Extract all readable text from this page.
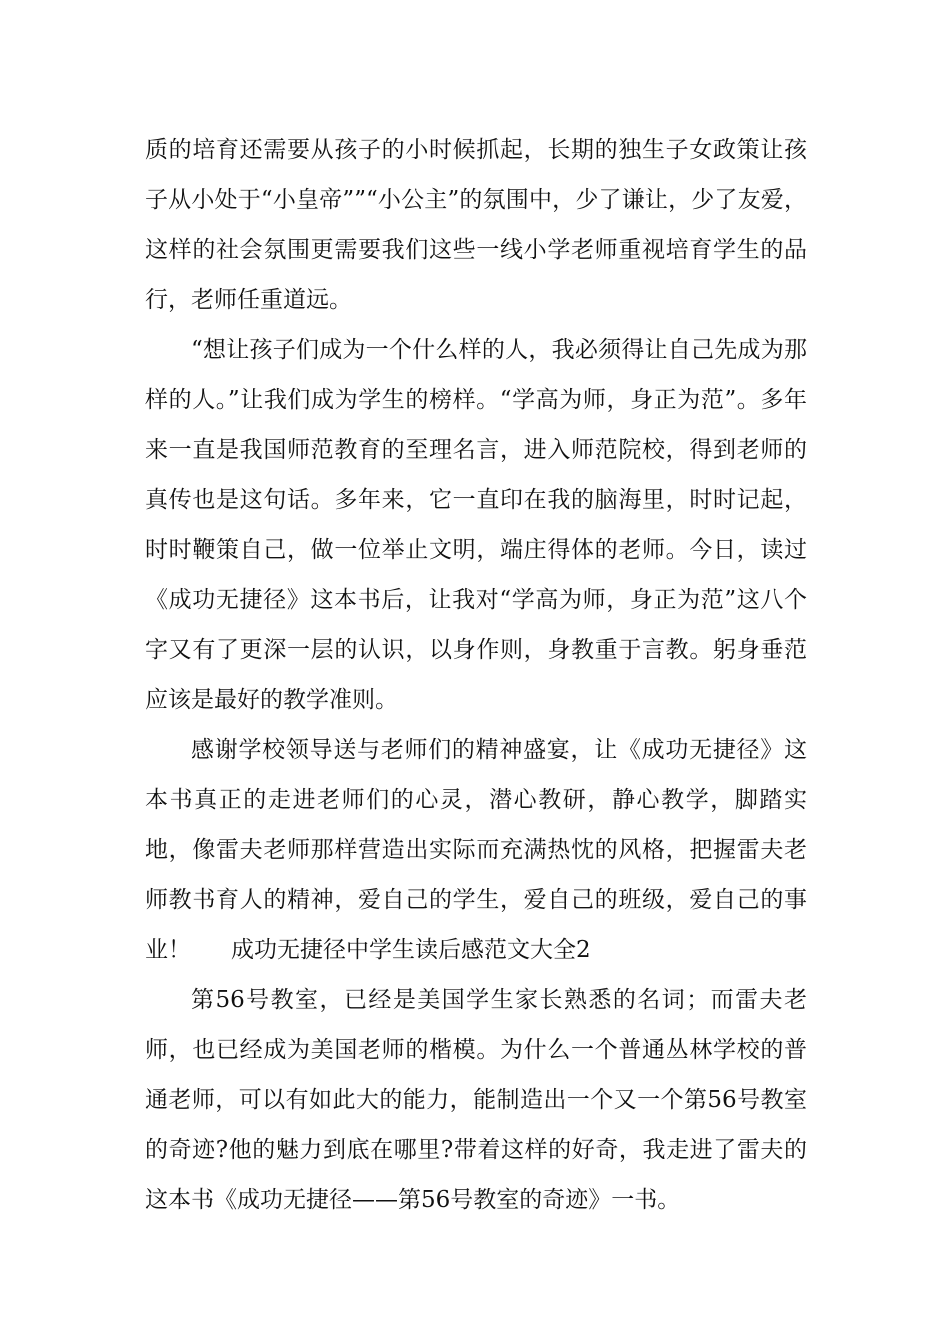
质的培育还需要从孩子的小时候抓起，长期的独生子女政策让孩子从小处于“小皇帝””“小公主”的氛围中，少了谦让，少了友爱，这样的社会氛围更需要我们这些一线小学老师重视培育学生的品行，老师任重道远。

“想让孩子们成为一个什么样的人，我必须得让自己先成为那样的人。”让我们成为学生的榜样。“学高为师，身正为范”。多年来一直是我国师范教育的至理名言，进入师范院校，得到老师的真传也是这句话。多年来，它一直印在我的脑海里，时时记起，时时鞭策自己，做一位举止文明，端庄得体的老师。今日，读过《成功无捷径》这本书后，让我对“学高为师，身正为范”这八个字又有了更深一层的认识，以身作则，身教重于言教。躬身垂范应该是最好的教学准则。

感谢学校领导送与老师们的精神盛宴，让《成功无捷径》这本书真正的走进老师们的心灵，潜心教研，静心教学，脚踏实地，像雷夫老师那样营造出实际而充满热忱的风格，把握雷夫老师教书育人的精神，爱自己的学生，爱自己的班级，爱自己的事业！ 成功无捷径中学生读后感范文大全2

第56号教室，已经是美国学生家长熟悉的名词；而雷夫老师，也已经成为美国老师的楷模。为什么一个普通丛林学校的普通老师，可以有如此大的能力，能制造出一个又一个第56号教室的奇迹?他的魅力到底在哪里?带着这样的好奇，我走进了雷夫的这本书《成功无捷径——第56号教室的奇迹》一书。
